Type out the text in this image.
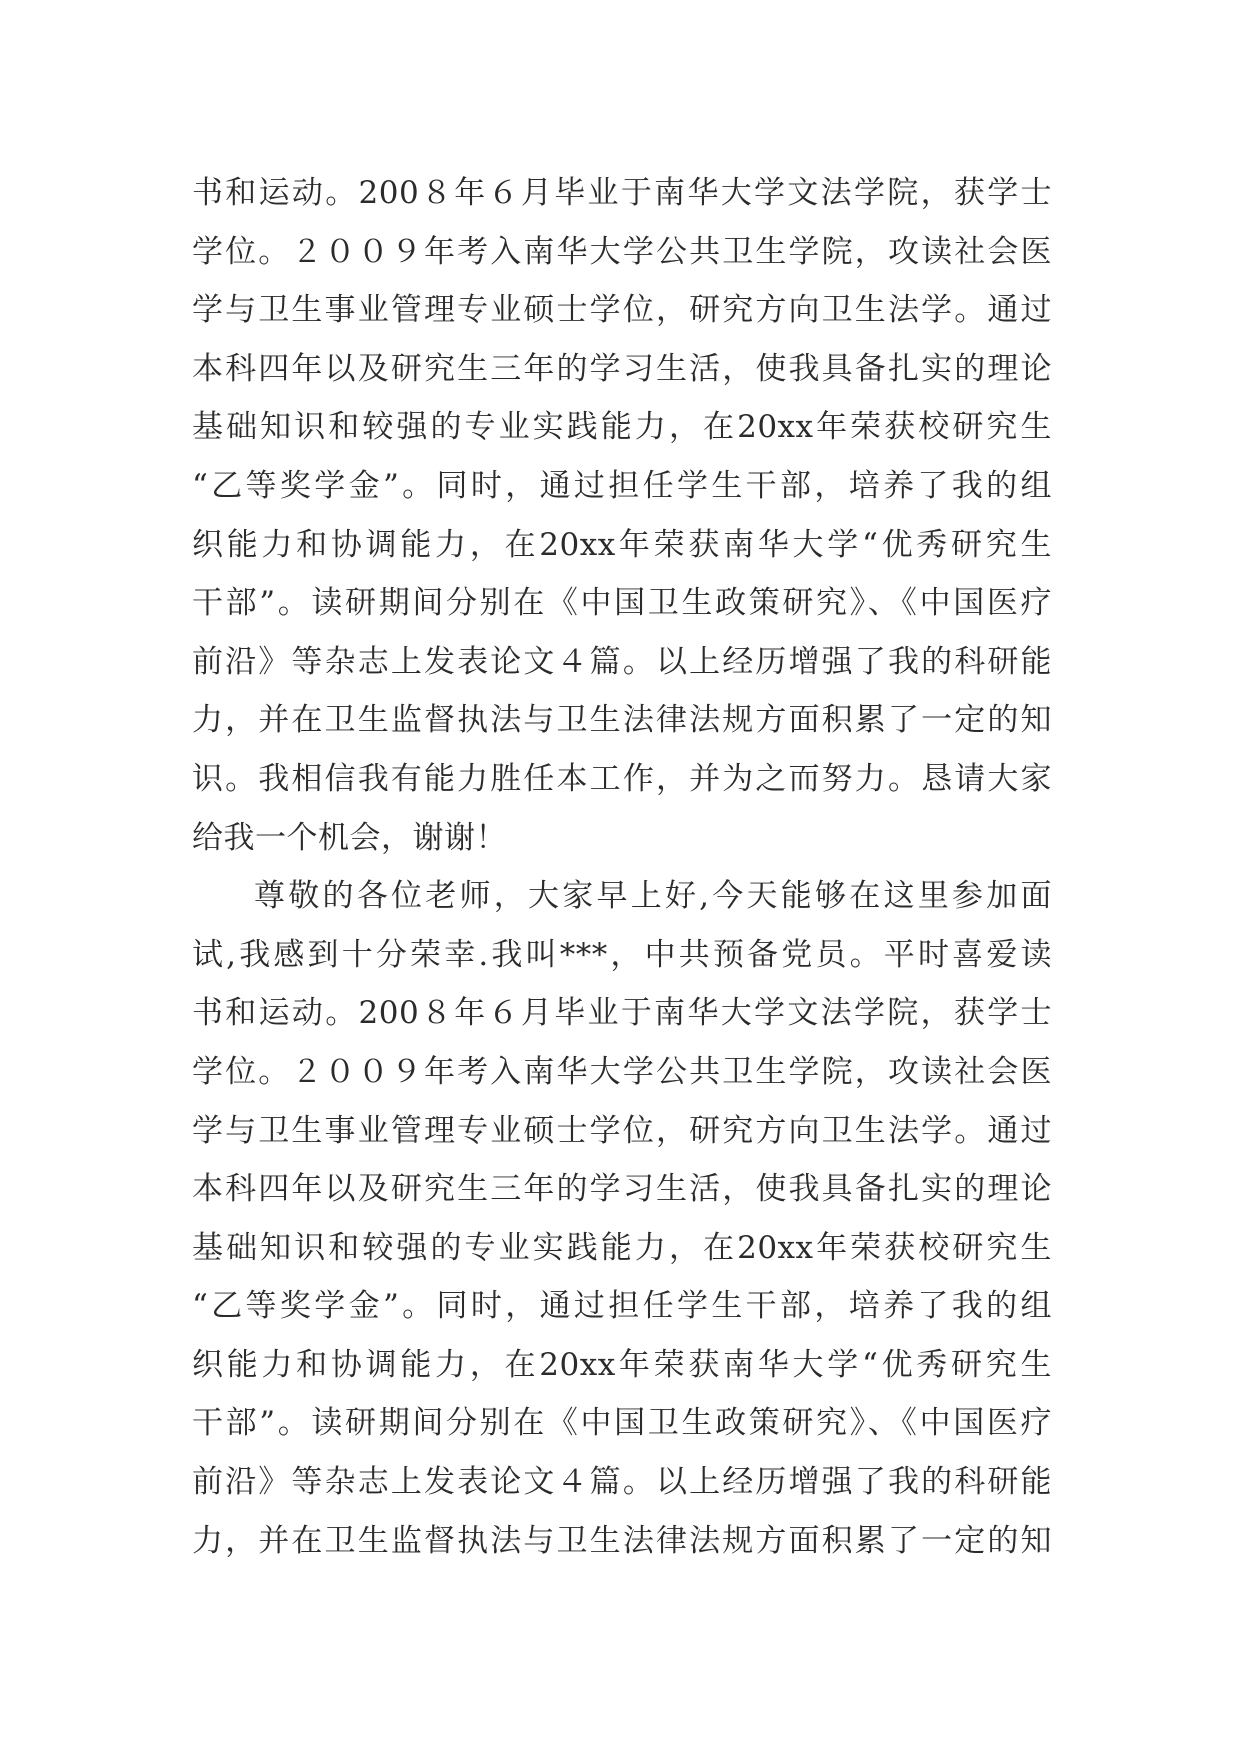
书和运动。200８年６月毕业于南华大学文法学院，获学士
学位。２００９年考入南华大学公共卫生学院，攻读社会医
学与卫生事业管理专业硕士学位，研究方向卫生法学。通过
本科四年以及研究生三年的学习生活，使我具备扎实的理论
基础知识和较强的专业实践能力，在20xx年荣获校研究生
“乙等奖学金”。同时，通过担任学生干部，培养了我的组
织能力和协调能力，在20xx年荣获南华大学“优秀研究生
干部”。读研期间分别在《中国卫生政策研究》、《中国医疗
前沿》等杂志上发表论文４篇。以上经历增强了我的科研能
力，并在卫生监督执法与卫生法律法规方面积累了一定的知
识。我相信我有能力胜任本工作，并为之而努力。恳请大家
给我一个机会，谢谢！
尊敬的各位老师，大家早上好,今天能够在这里参加面
试,我感到十分荣幸.我叫***，中共预备党员。平时喜爱读
书和运动。200８年６月毕业于南华大学文法学院，获学士
学位。２００９年考入南华大学公共卫生学院，攻读社会医
学与卫生事业管理专业硕士学位，研究方向卫生法学。通过
本科四年以及研究生三年的学习生活，使我具备扎实的理论
基础知识和较强的专业实践能力，在20xx年荣获校研究生
“乙等奖学金”。同时，通过担任学生干部，培养了我的组
织能力和协调能力，在20xx年荣获南华大学“优秀研究生
干部”。读研期间分别在《中国卫生政策研究》、《中国医疗
前沿》等杂志上发表论文４篇。以上经历增强了我的科研能
力，并在卫生监督执法与卫生法律法规方面积累了一定的知
